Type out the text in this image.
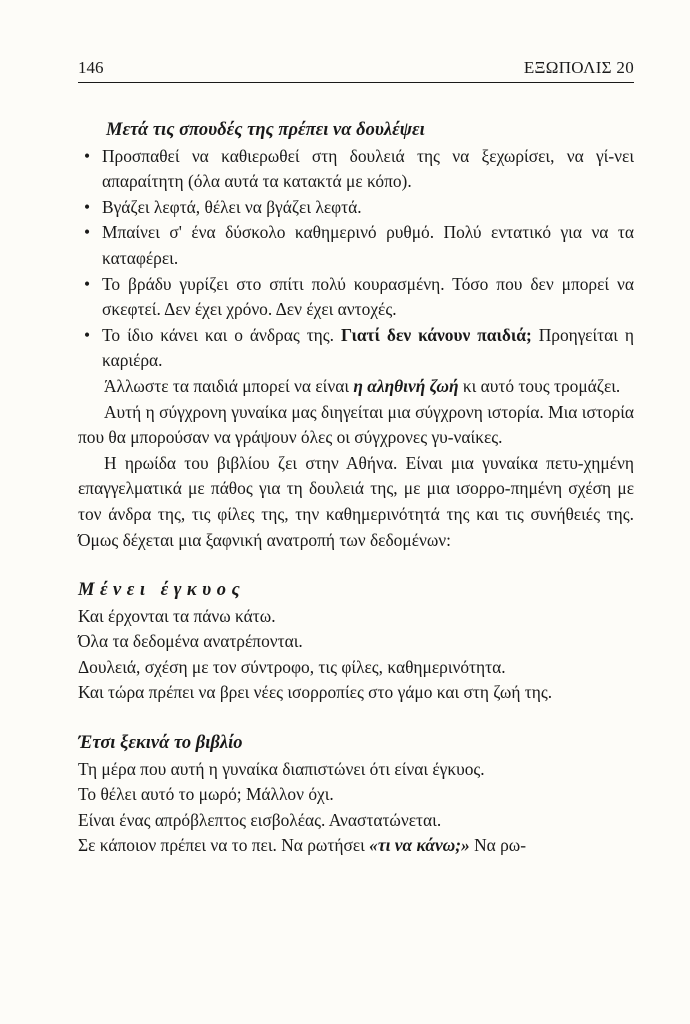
146	ΕΞΩΠΟΛΙΣ 20
Μετά τις σπουδές της πρέπει να δουλέψει
• Προσπαθεί να καθιερωθεί στη δουλειά της να ξεχωρίσει, να γί-νει απαραίτητη (όλα αυτά τα κατακτά με κόπο).
• Βγάζει λεφτά, θέλει να βγάζει λεφτά.
• Μπαίνει σ' ένα δύσκολο καθημερινό ρυθμό. Πολύ εντατικό για να τα καταφέρει.
• Το βράδυ γυρίζει στο σπίτι πολύ κουρασμένη. Τόσο που δεν μπορεί να σκεφτεί. Δεν έχει χρόνο. Δεν έχει αντοχές.
• Το ίδιο κάνει και ο άνδρας της. Γιατί δεν κάνουν παιδιά; Προηγείται η καριέρα.

Άλλωστε τα παιδιά μπορεί να είναι η αληθινή ζωή κι αυτό τους τρομάζει.

Αυτή η σύγχρονη γυναίκα μας διηγείται μια σύγχρονη ιστορία. Μια ιστορία που θα μπορούσαν να γράψουν όλες οι σύγχρονες γυ-ναίκες.

Η ηρωίδα του βιβλίου ζει στην Αθήνα. Είναι μια γυναίκα πετυ-χημένη επαγγελματικά με πάθος για τη δουλειά της, με μια ισορρο-πημένη σχέση με τον άνδρα της, τις φίλες της, την καθημερινότητά της και τις συνήθειές της. Όμως δέχεται μια ξαφνική ανατροπή των δεδομένων:

Μένει έγκυος

Και έρχονται τα πάνω κάτω.

Όλα τα δεδομένα ανατρέπονται.

Δουλειά, σχέση με τον σύντροφο, τις φίλες, καθημερινότητα.

Και τώρα πρέπει να βρει νέες ισορροπίες στο γάμο και στη ζωή της.

Έτσι ξεκινά το βιβλίο

Τη μέρα που αυτή η γυναίκα διαπιστώνει ότι είναι έγκυος.

Το θέλει αυτό το μωρό; Μάλλον όχι.

Είναι ένας απρόβλεπτος εισβολέας. Αναστατώνεται.

Σε κάποιον πρέπει να το πει. Να ρωτήσει «τι να κάνω;» Να ρω-
